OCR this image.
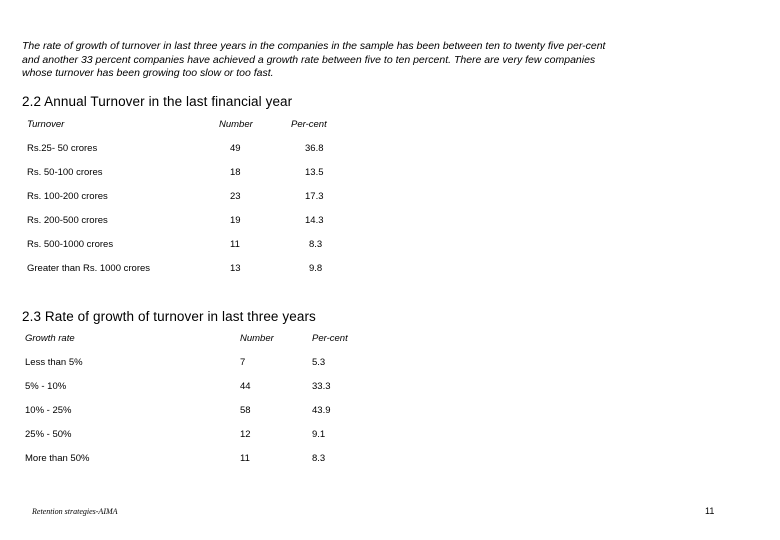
The rate of growth of turnover in last three years in the companies in the sample has been between ten to twenty five per-cent

and another 33 percent companies have achieved a growth rate between five to ten percent. There are very few companies

whose turnover has been growing too slow or too fast.

2.2 Annual Turnover in the last financial year
Turnover	Number	Per-cent
Rs.25- 50 crores	49	36.8
Rs. 50-100 crores	18	13.5
Rs. 100-200 crores	23	17.3
Rs. 200-500 crores	19	14.3
Rs. 500-1000 crores	11	8.3
Greater than Rs. 1000 crores	13	9.8
2.3 Rate of growth of turnover in last three years
Growth rate	Number	Per-cent
Less than 5%	7	5.3
5% - 10%	44	33.3
10% - 25%	58	43.9
25% - 50%	12	9.1
More than 50%	11	8.3
Retention strategies-AIMA	11
